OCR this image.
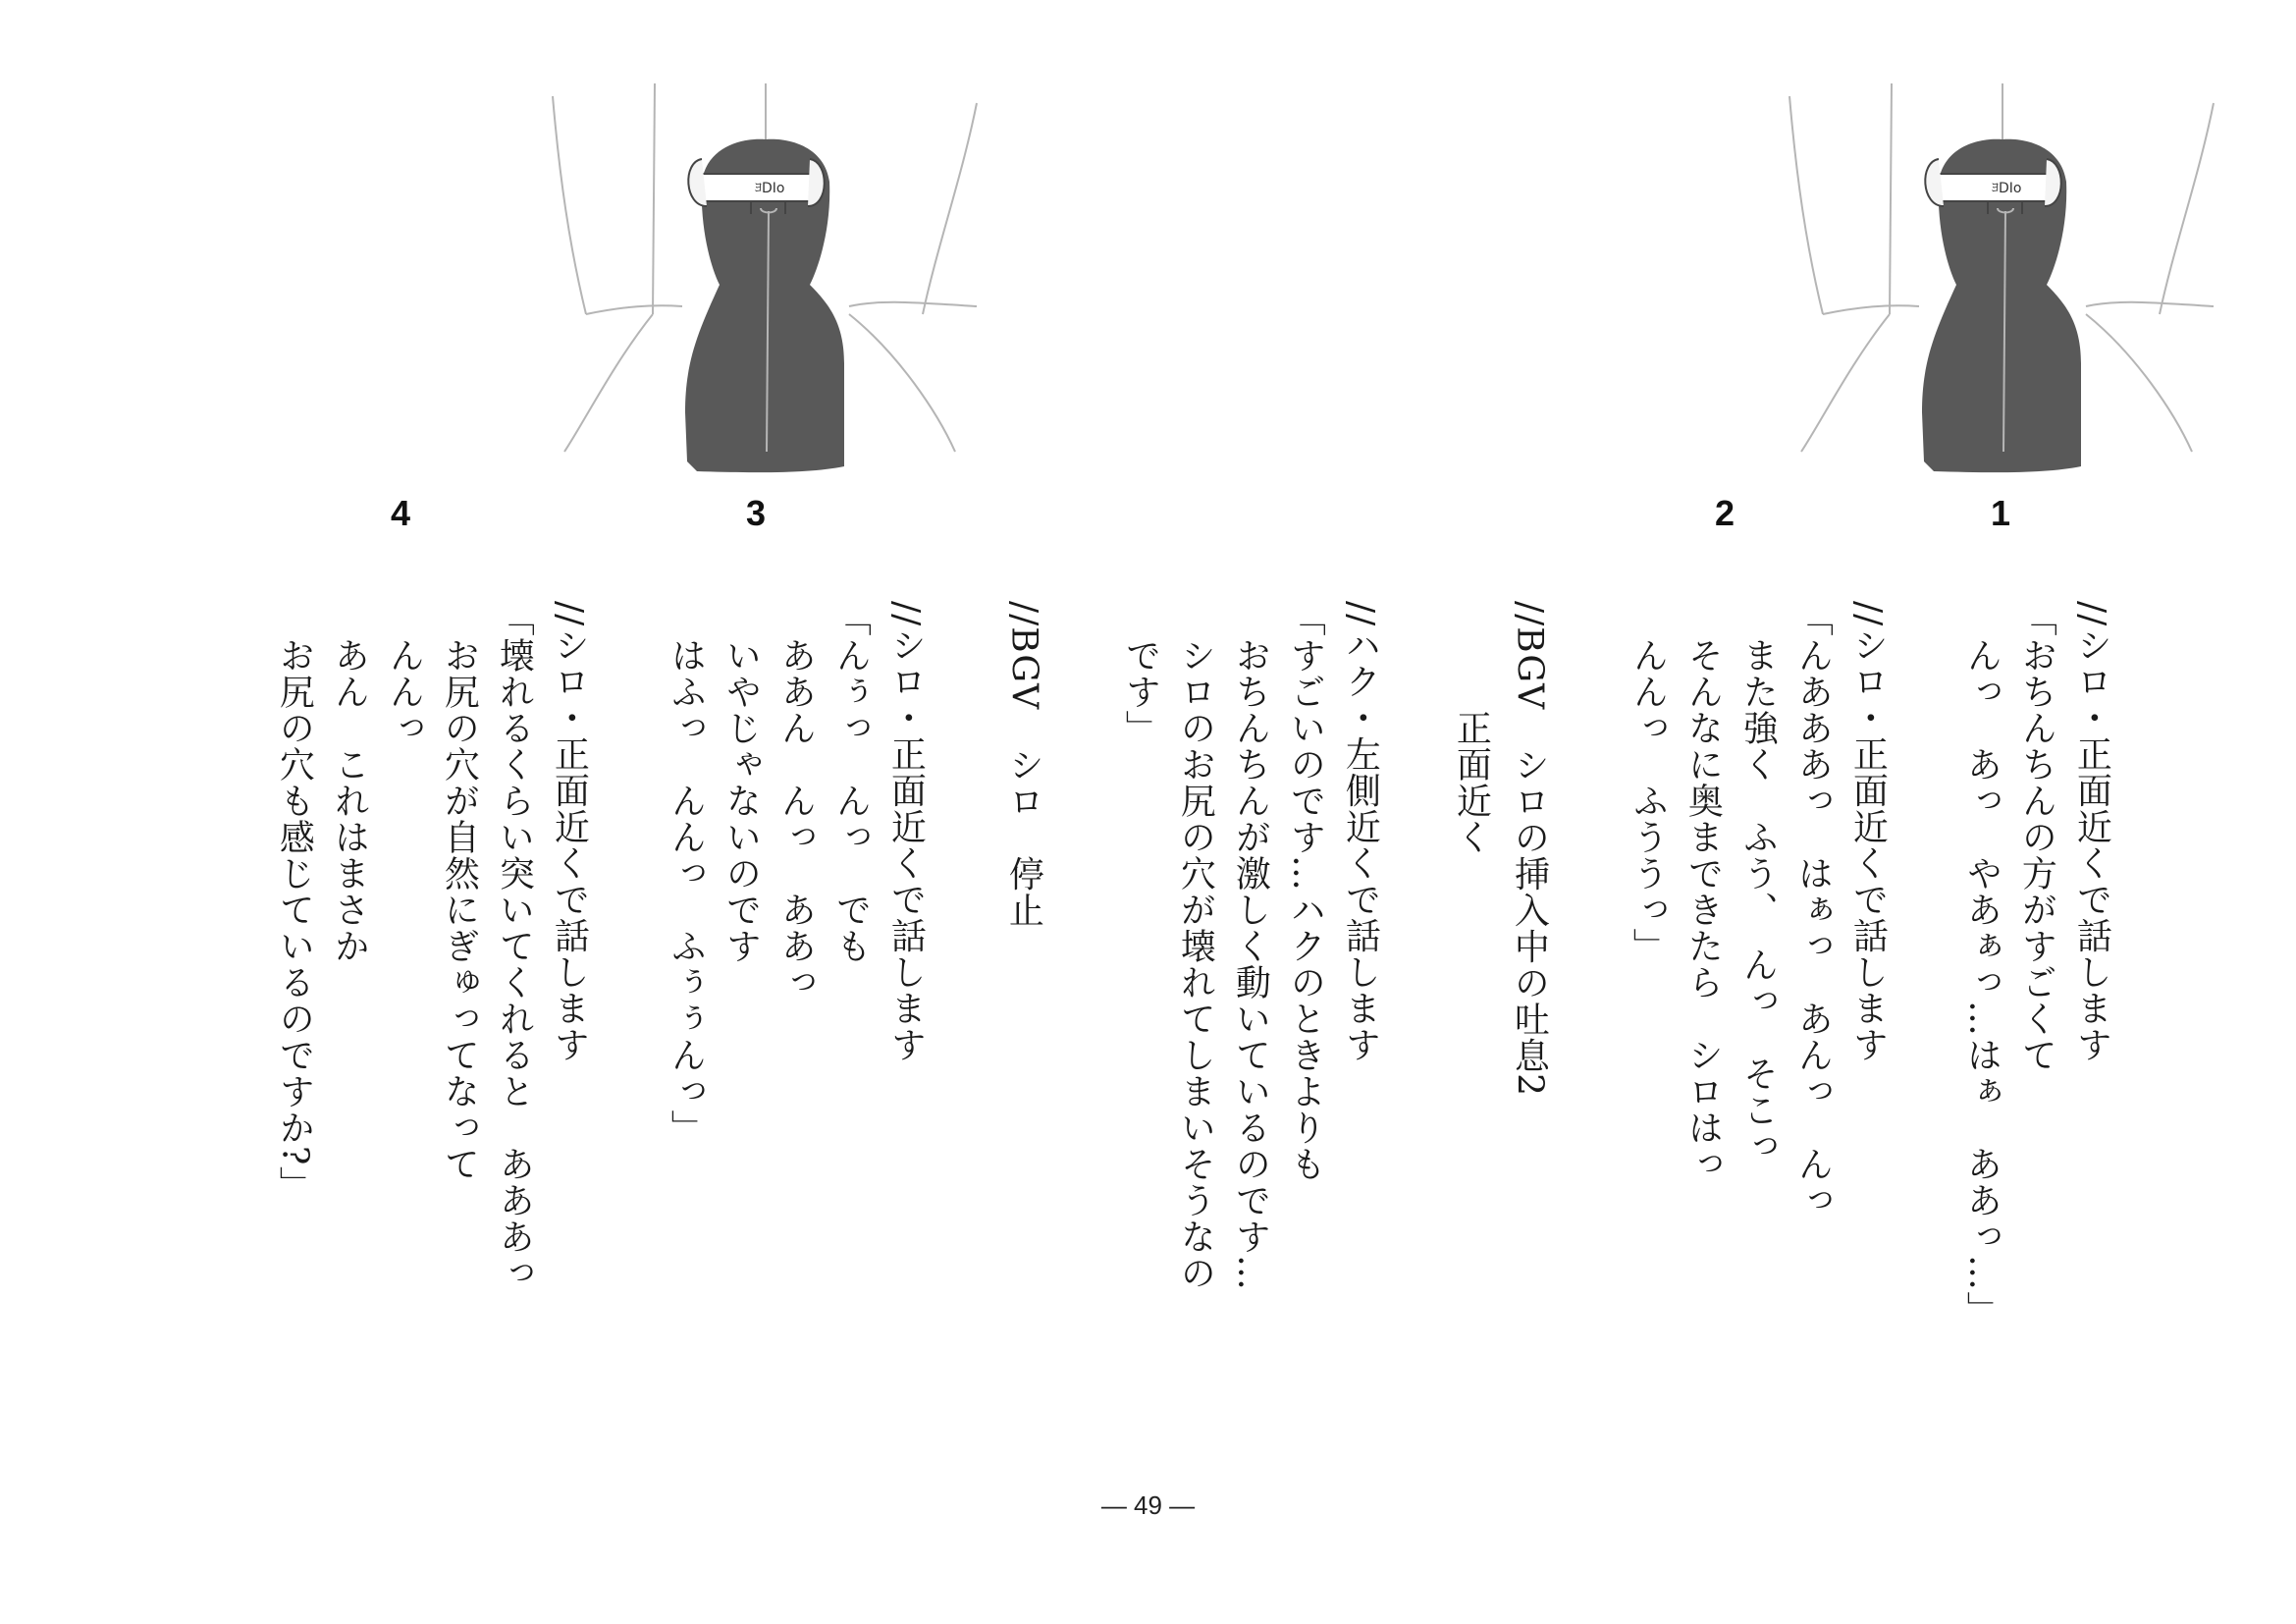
ﾖDIo	ﾖDIo
4	3	2	1
//シロ・正面近くで話します
「おちんちんの方がすごくて
　んっ　あっ　やあぁっ…はぁ　ああっ…」
//シロ・正面近くで話します
「んあああっ　はぁっ　あんっ　んっ
　また強く　ふう、　んっ　そこっ
　そんなに奥まできたら　シロはっ
　んんっ　ふううっ」
//BGV　シロの挿入中の吐息2
　　　正面近く
//ハク・左側近くで話します
「すごいのです…ハクのときよりも
　おちんちんが激しく動いているのです…
　シロのお尻の穴が壊れてしまいそうなの
　です」
//BGV　シロ　停止
//シロ・正面近くで話します
「んぅっ　んっ　でも
　ああん　んっ　ああっ
　いやじゃないのです
　はふっ　んんっ　ふぅぅんっ」
//シロ・正面近くで話します
「壊れるくらい突いてくれると　あああっ
　お尻の穴が自然にぎゅってなって
　んんっ
　あん　これはまさか
　お尻の穴も感じているのですか?」
― 49 ―
